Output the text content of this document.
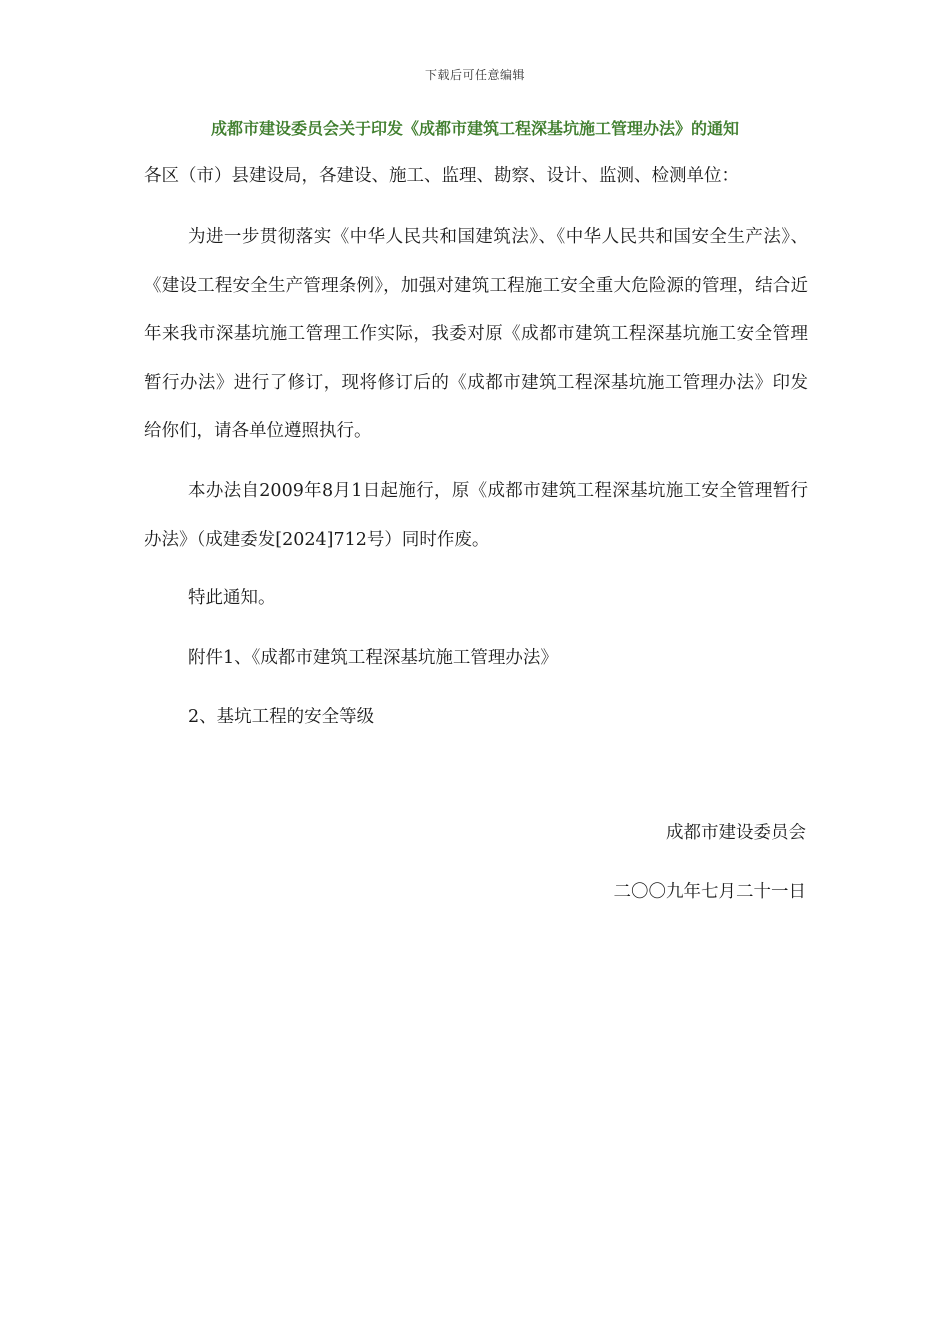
下载后可任意编辑
成都市建设委员会关于印发《成都市建筑工程深基坑施工管理办法》的通知
各区（市）县建设局，各建设、施工、监理、勘察、设计、监测、检测单位：

为进一步贯彻落实《中华人民共和国建筑法》、《中华人民共和国安全生产法》、《建设工程安全生产管理条例》，加强对建筑工程施工安全重大危险源的管理，结合近年来我市深基坑施工管理工作实际，我委对原《成都市建筑工程深基坑施工安全管理暂行办法》进行了修订，现将修订后的《成都市建筑工程深基坑施工管理办法》印发给你们，请各单位遵照执行。

本办法自2009年8月1日起施行，原《成都市建筑工程深基坑施工安全管理暂行办法》（成建委发[2024]712号）同时作废。

特此通知。
附件1、《成都市建筑工程深基坑施工管理办法》
2、基坑工程的安全等级
成都市建设委员会
二〇〇九年七月二十一日
